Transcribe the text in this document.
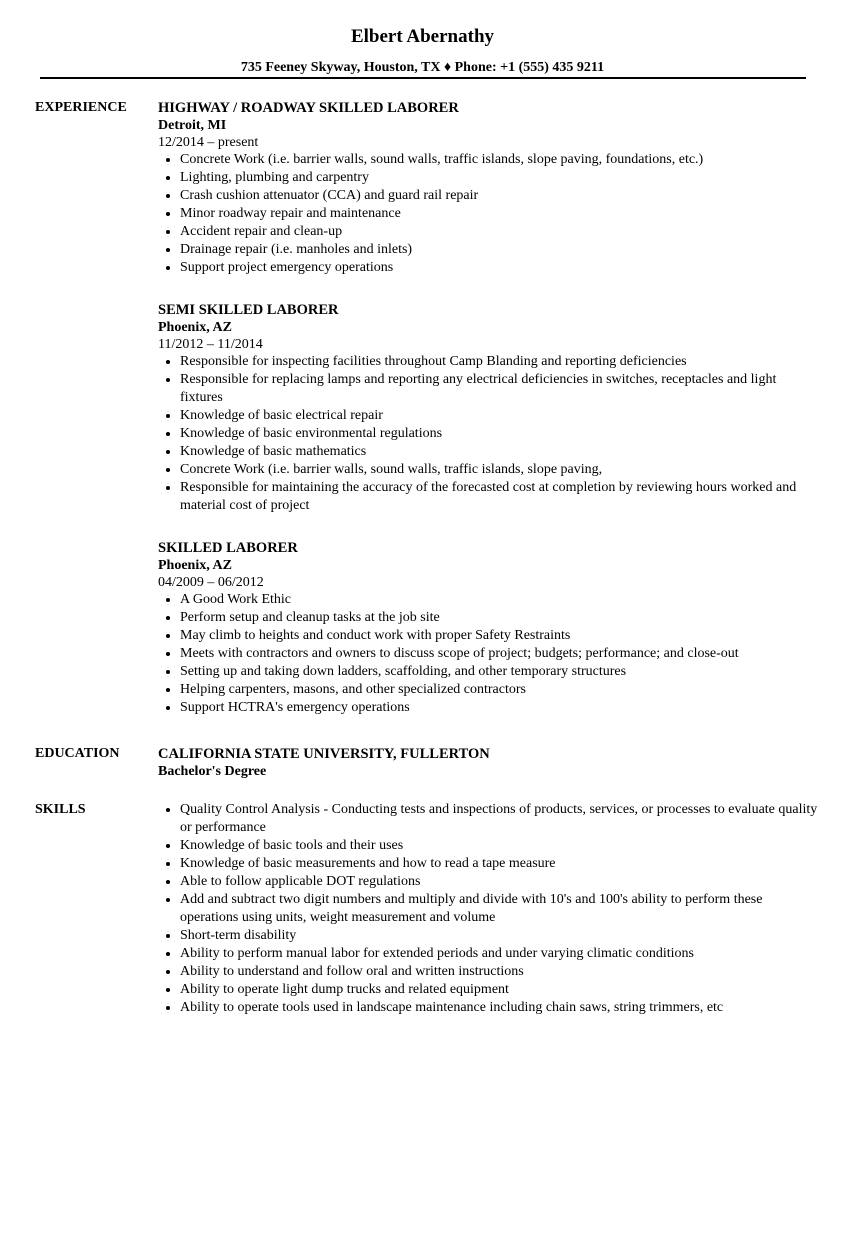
Elbert Abernathy
735 Feeney Skyway, Houston, TX ♦ Phone: +1 (555) 435 9211
EXPERIENCE HIGHWAY / ROADWAY SKILLED LABORER
Detroit, MI
12/2014 – present
• Concrete Work (i.e. barrier walls, sound walls, traffic islands, slope paving, foundations, etc.)
• Lighting, plumbing and carpentry
• Crash cushion attenuator (CCA) and guard rail repair
• Minor roadway repair and maintenance
• Accident repair and clean-up
• Drainage repair (i.e. manholes and inlets)
• Support project emergency operations
SEMI SKILLED LABORER
Phoenix, AZ
11/2012 – 11/2014
• Responsible for inspecting facilities throughout Camp Blanding and reporting deficiencies
• Responsible for replacing lamps and reporting any electrical deficiencies in switches, receptacles and light fixtures
• Knowledge of basic electrical repair
• Knowledge of basic environmental regulations
• Knowledge of basic mathematics
• Concrete Work (i.e. barrier walls, sound walls, traffic islands, slope paving,
• Responsible for maintaining the accuracy of the forecasted cost at completion by reviewing hours worked and material cost of project
SKILLED LABORER
Phoenix, AZ
04/2009 – 06/2012
• A Good Work Ethic
• Perform setup and cleanup tasks at the job site
• May climb to heights and conduct work with proper Safety Restraints
• Meets with contractors and owners to discuss scope of project; budgets; performance; and close-out
• Setting up and taking down ladders, scaffolding, and other temporary structures
• Helping carpenters, masons, and other specialized contractors
• Support HCTRA's emergency operations
EDUCATION	CALIFORNIA STATE UNIVERSITY, FULLERTON
Bachelor's Degree
SKILLS
•	Quality Control Analysis - Conducting tests and inspections of products, services, or processes to evaluate quality or performance
• Knowledge of basic tools and their uses
• Knowledge of basic measurements and how to read a tape measure
• Able to follow applicable DOT regulations
• Add and subtract two digit numbers and multiply and divide with 10's and 100's ability to perform these operations using units, weight measurement and volume
• Short-term disability
• Ability to perform manual labor for extended periods and under varying climatic conditions
• Ability to understand and follow oral and written instructions
• Ability to operate light dump trucks and related equipment
• Ability to operate tools used in landscape maintenance including chain saws, string trimmers, etc
